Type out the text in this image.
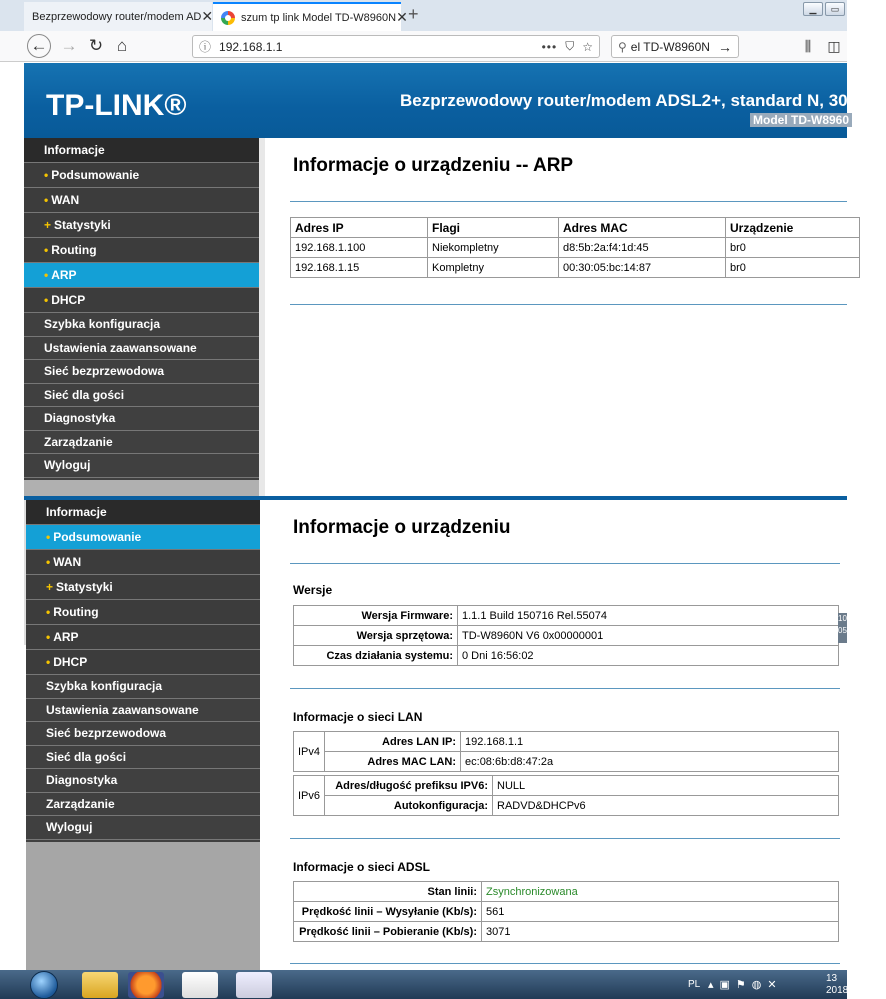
Bezprzewodowy router/modem AD ✕	szum tp link Model TD-W8960N ✕ +	▁	▭
← → ↻ ⌂	ⓘ 192.168.1.1	••• ⛉ ☆ ⚲ el TD-W8960N →	⫼	◫
TP-LINK®	Bezprzewodowy router/modem ADSL2+, standard N, 300Mb/
Model TD-W8960
Informacje
• Podsumowanie
• WAN
+ Statystyki
• Routing
• ARP
• DHCP
Szybka konfiguracja
Ustawienia zaawansowane
Sieć bezprzewodowa
Sieć dla gości
Diagnostyka
Zarządzanie
Wyloguj
Informacje o urządzeniu -- ARP
Adres IP	Flagi	Adres MAC	Urządzenie
192.168.1.100	Niekompletny	d8:5b:2a:f4:1d:45	br0
192.168.1.15	Kompletny	00:30:05:bc:14:87	br0
Informacje
• Podsumowanie
• WAN
+ Statystyki
• Routing
• ARP
• DHCP
Szybka konfiguracja
Ustawienia zaawansowane
Sieć bezprzewodowa
Sieć dla gości
Diagnostyka
Zarządzanie
Wyloguj
Informacje o urządzeniu
Wersje
Wersja Firmware:	1.1.1 Build 150716 Rel.55074
Wersja sprzętowa:	TD-W8960N V6 0x00000001
Czas działania systemu:	0 Dni 16:56:02
10
05
Informacje o sieci LAN
IPv4	Adres LAN IP:	192.168.1.1
	Adres MAC LAN:	ec:08:6b:d8:47:2a
IPv6	Adres/długość prefiksu IPV6:	NULL
	Autokonfiguracja:	RADVD&DHCPv6
Informacje o sieci ADSL
Stan linii:	Zsynchronizowana
Prędkość linii – Wysyłanie (Kb/s):	561
Prędkość linii – Pobieranie (Kb/s):	3071
PL ▴▣⚑◍✕
13
2018
